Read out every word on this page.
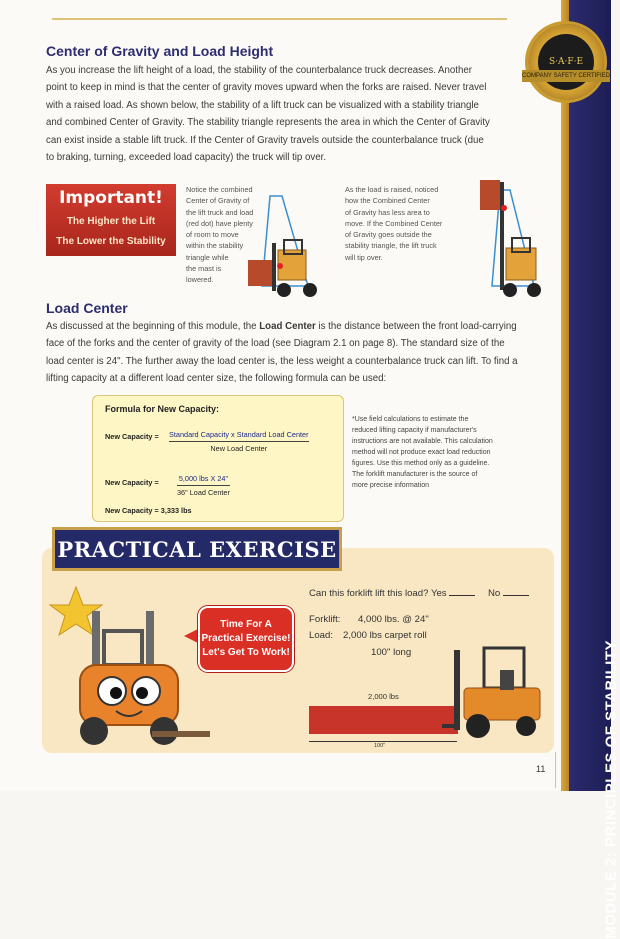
MODULE 2: PRINCIPLES OF STABILITY
S·A·F·E
COMPANY SAFETY CERTIFIED
Center of Gravity and Load Height
As you increase the lift height of a load, the stability of the counterbalance truck decreases. Another
point to keep in mind is that the center of gravity moves upward when the forks are raised. Never travel
with a raised load. As shown below, the stability of a lift truck can be visualized with a stability triangle
and combined Center of Gravity. The stability triangle represents the area in which the Center of Gravity
can exist inside a stable lift truck. If the Center of Gravity travels outside the counterbalance truck (due
to braking, turning, exceeded load capacity) the truck will tip over.
Important!
The Higher the Lift
The Lower the Stability
Notice the combined
Center of Gravity of
the lift truck and load
(red dot) have plenty
of room to move
within the stability
triangle while
the mast is
lowered.
As the load is raised, noticed
how the Combined Center
of Gravity has less area to
move. If the Combined Center
of Gravity goes outside the
stability triangle, the lift truck
will tip over.
Load Center
As discussed at the beginning of this module, the Load Center is the distance between the front load-carrying
face of the forks and the center of gravity of the load (see Diagram 2.1 on page 8). The standard size of the
load center is 24". The further away the load center is, the less weight a counterbalance truck can lift. To find a
lifting capacity at a different load center size, the following formula can be used:
Formula for New Capacity:
New Capacity = Standard Capacity x Standard Load Center
New Load Center
New Capacity =	5,000 lbs X 24"
36" Load Center
New Capacity = 3,333 lbs
*Use field calculations to estimate the
reduced lifting capacity if manufacturer's
instructions are not available. This calculation
method will not produce exact load reduction
figures. Use this method only as a guideline.
The forklift manufacturer is the source of
more precise information
PRACTICAL EXERCISE
Time For A
Practical Exercise!
Let's Get To Work!
Can this forklift lift this load? Yes	No
Forklift: 4,000 lbs. @ 24"
Load: 2,000 lbs carpet roll
100" long
2,000 lbs
100"
11
